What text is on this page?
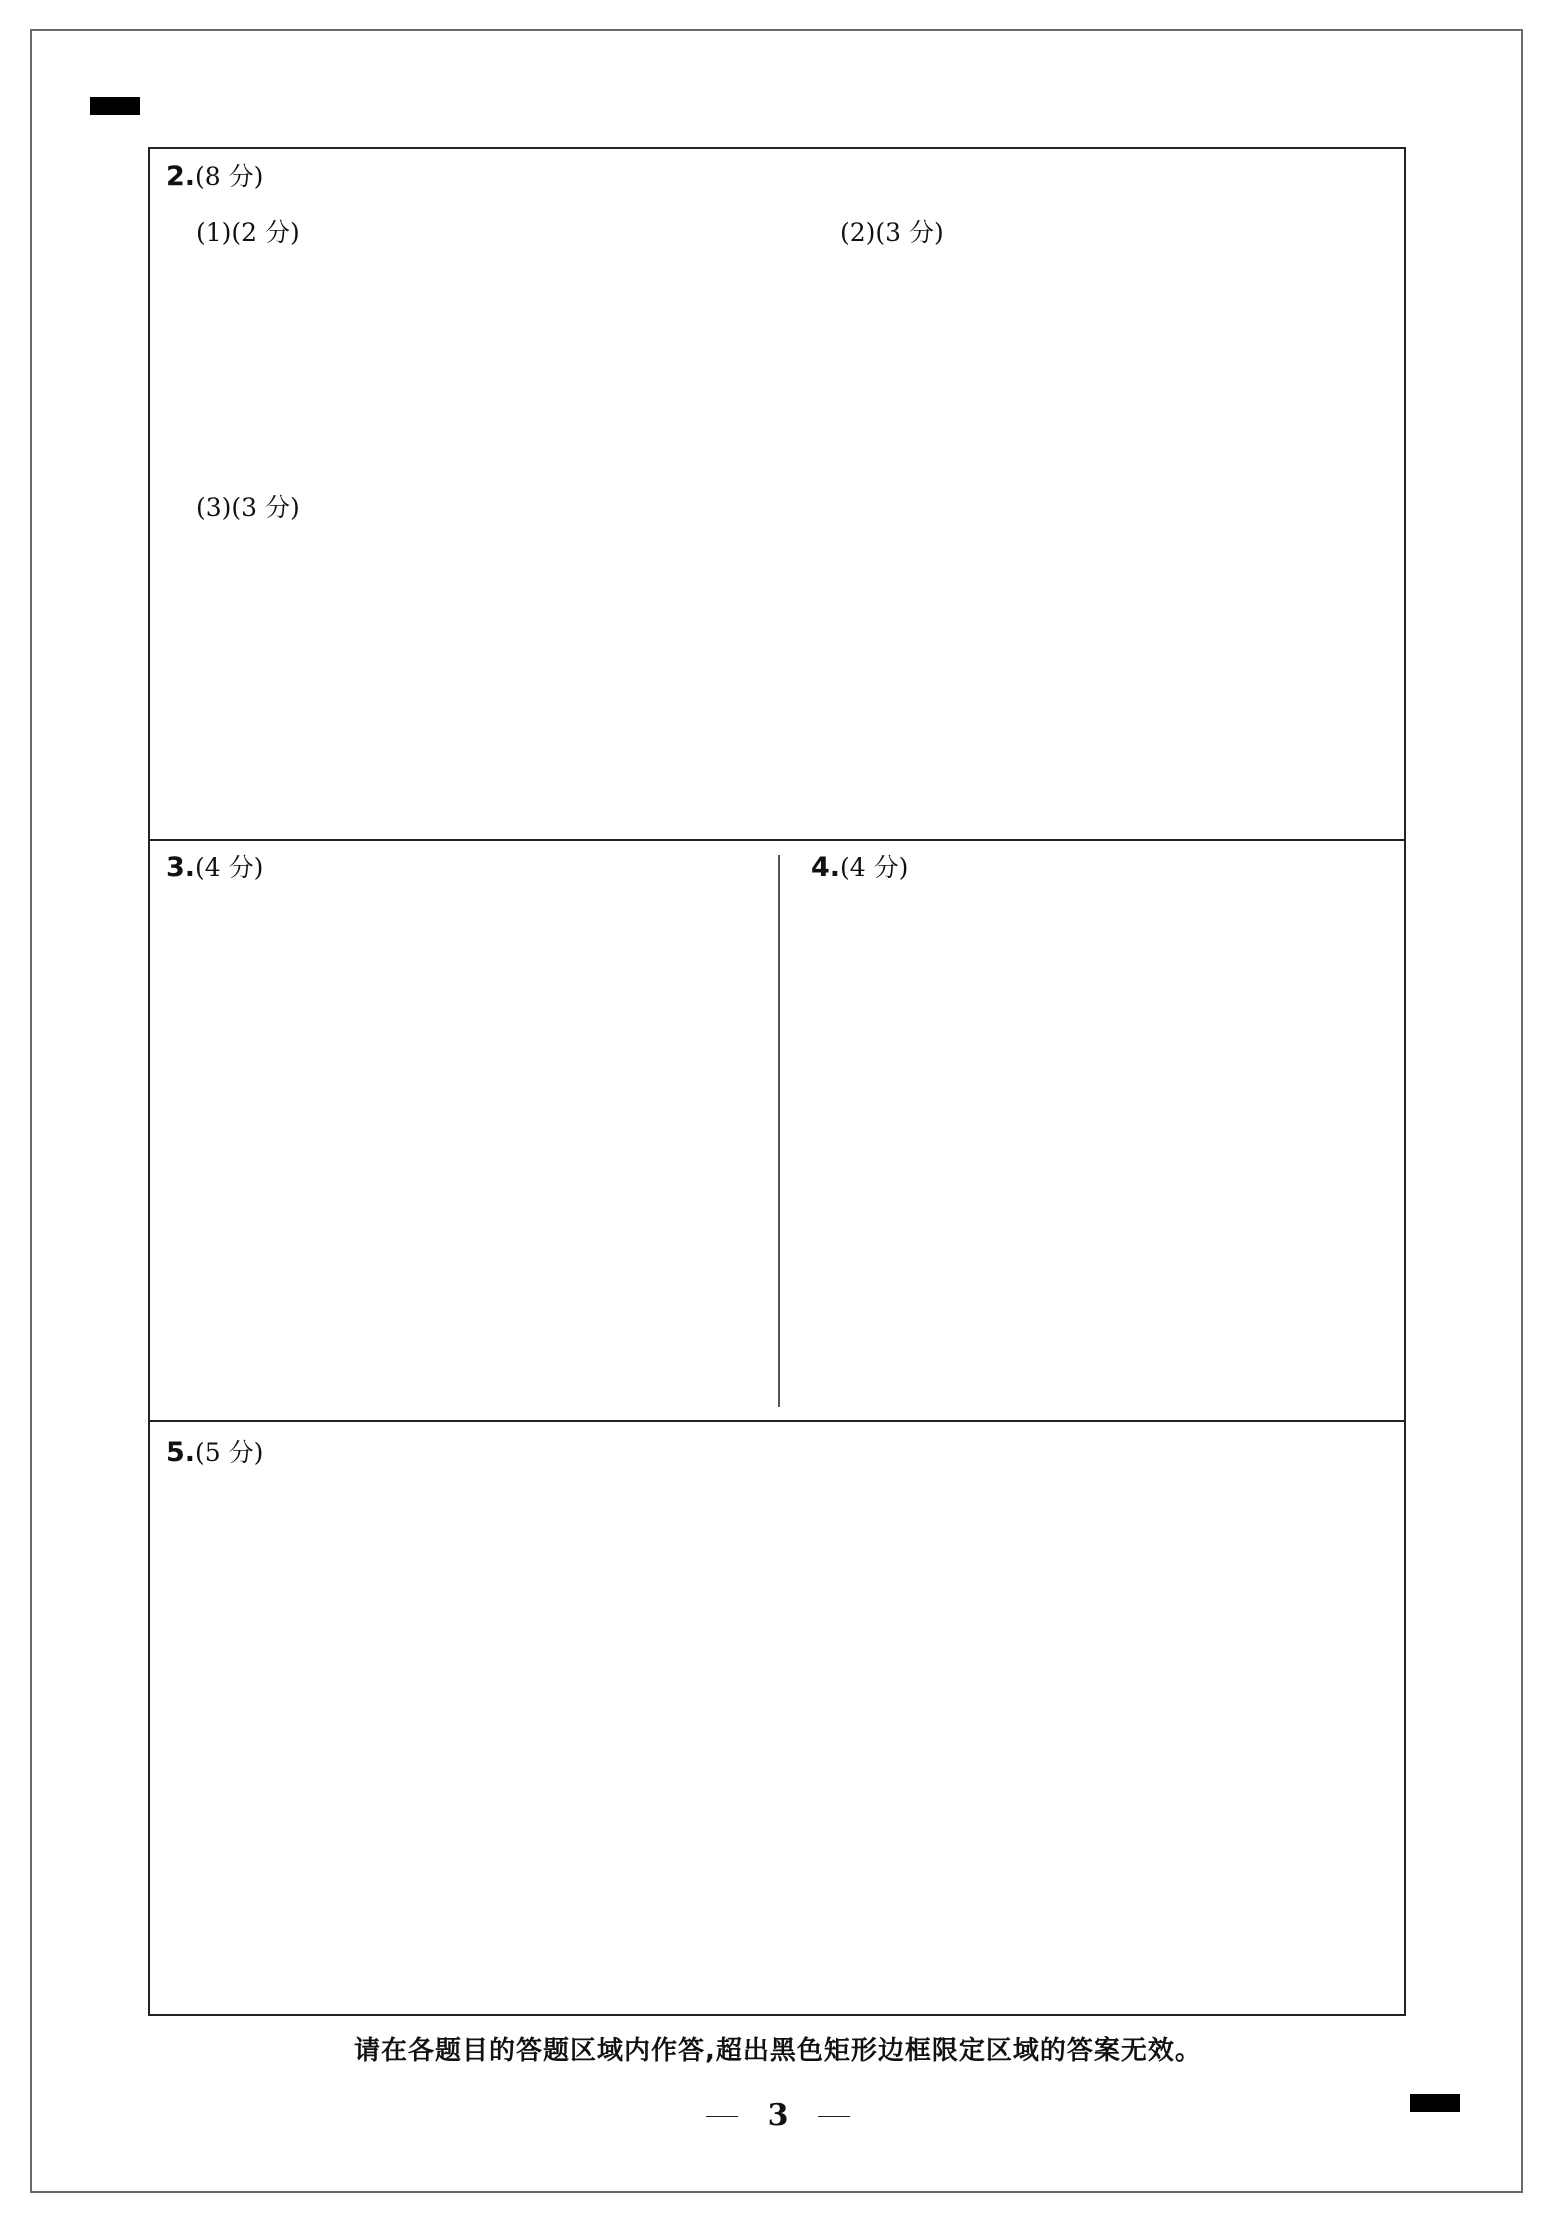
2.(8 分)
(1)(2 分)	(2)(3 分)
(3)(3 分)
3.(4 分)	4.(4 分)
5.(5 分)
请在各题目的答题区域内作答,超出黑色矩形边框限定区域的答案无效。
3
